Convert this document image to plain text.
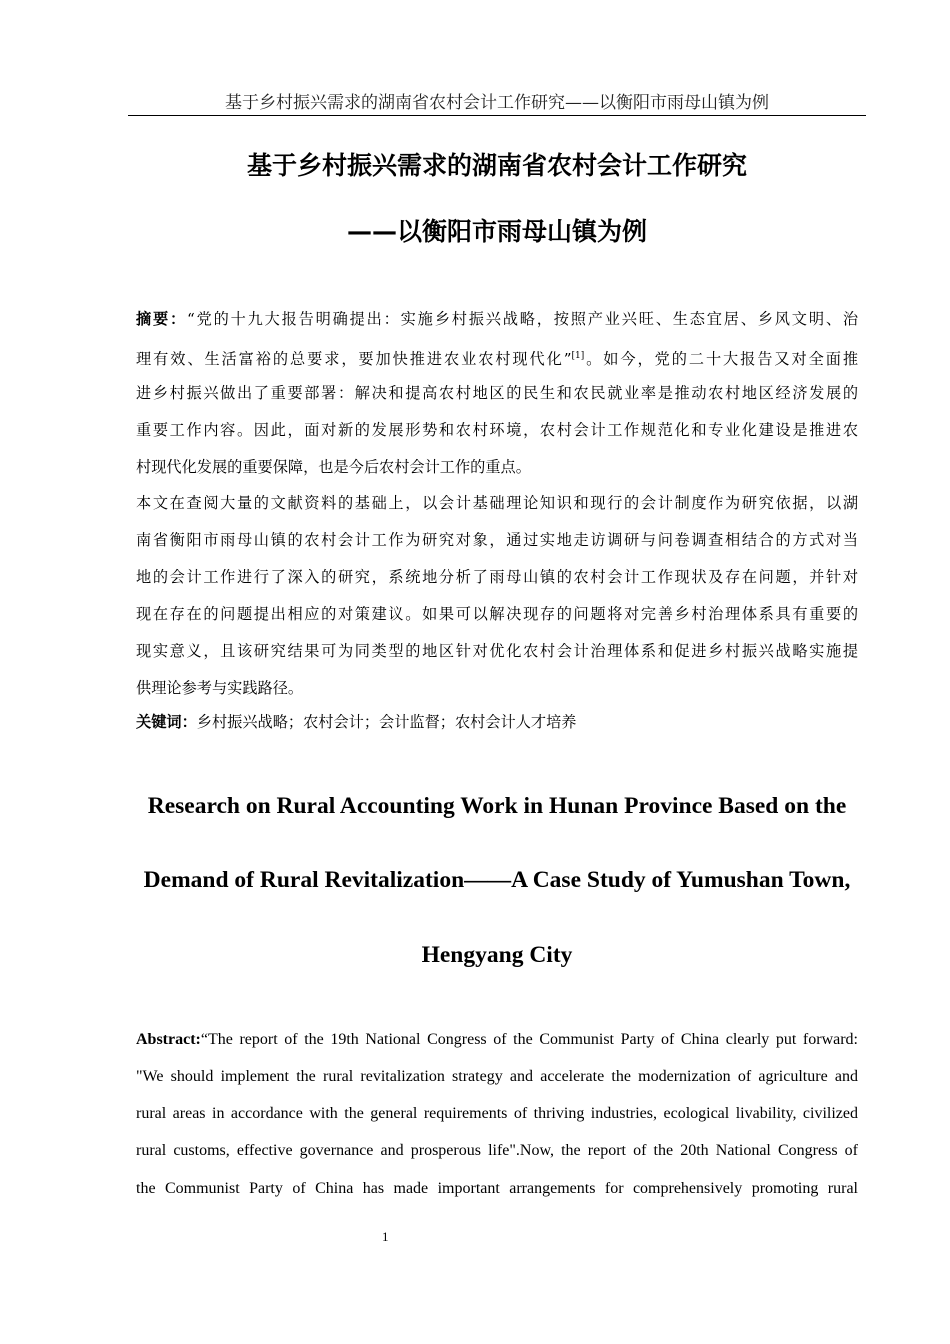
基于乡村振兴需求的湖南省农村会计工作研究——以衡阳市雨母山镇为例
基于乡村振兴需求的湖南省农村会计工作研究
——以衡阳市雨母山镇为例
摘要：“党的十九大报告明确提出：实施乡村振兴战略，按照产业兴旺、生态宜居、乡风文明、治
理有效、生活富裕的总要求，要加快推进农业农村现代化”[1]。如今，党的二十大报告又对全面推
进乡村振兴做出了重要部署：解决和提高农村地区的民生和农民就业率是推动农村地区经济发展的
重要工作内容。因此，面对新的发展形势和农村环境，农村会计工作规范化和专业化建设是推进农
村现代化发展的重要保障，也是今后农村会计工作的重点。
本文在查阅大量的文献资料的基础上，以会计基础理论知识和现行的会计制度作为研究依据，以湖
南省衡阳市雨母山镇的农村会计工作为研究对象，通过实地走访调研与问卷调查相结合的方式对当
地的会计工作进行了深入的研究，系统地分析了雨母山镇的农村会计工作现状及存在问题，并针对
现在存在的问题提出相应的对策建议。如果可以解决现存的问题将对完善乡村治理体系具有重要的
现实意义，且该研究结果可为同类型的地区针对优化农村会计治理体系和促进乡村振兴战略实施提
供理论参考与实践路径。
关键词：乡村振兴战略；农村会计；会计监督；农村会计人才培养
Research on Rural Accounting Work in Hunan Province Based on the
Demand of Rural Revitalization——A Case Study of Yumushan Town,
Hengyang City
Abstract:“The report of the 19th National Congress of the Communist Party of China clearly put forward:
"We should implement the rural revitalization strategy and accelerate the modernization of agriculture and
rural areas in accordance with the general requirements of thriving industries, ecological livability, civilized
rural customs, effective governance and prosperous life".Now, the report of the 20th National Congress of
the Communist Party of China has made important arrangements for comprehensively promoting rural
1
